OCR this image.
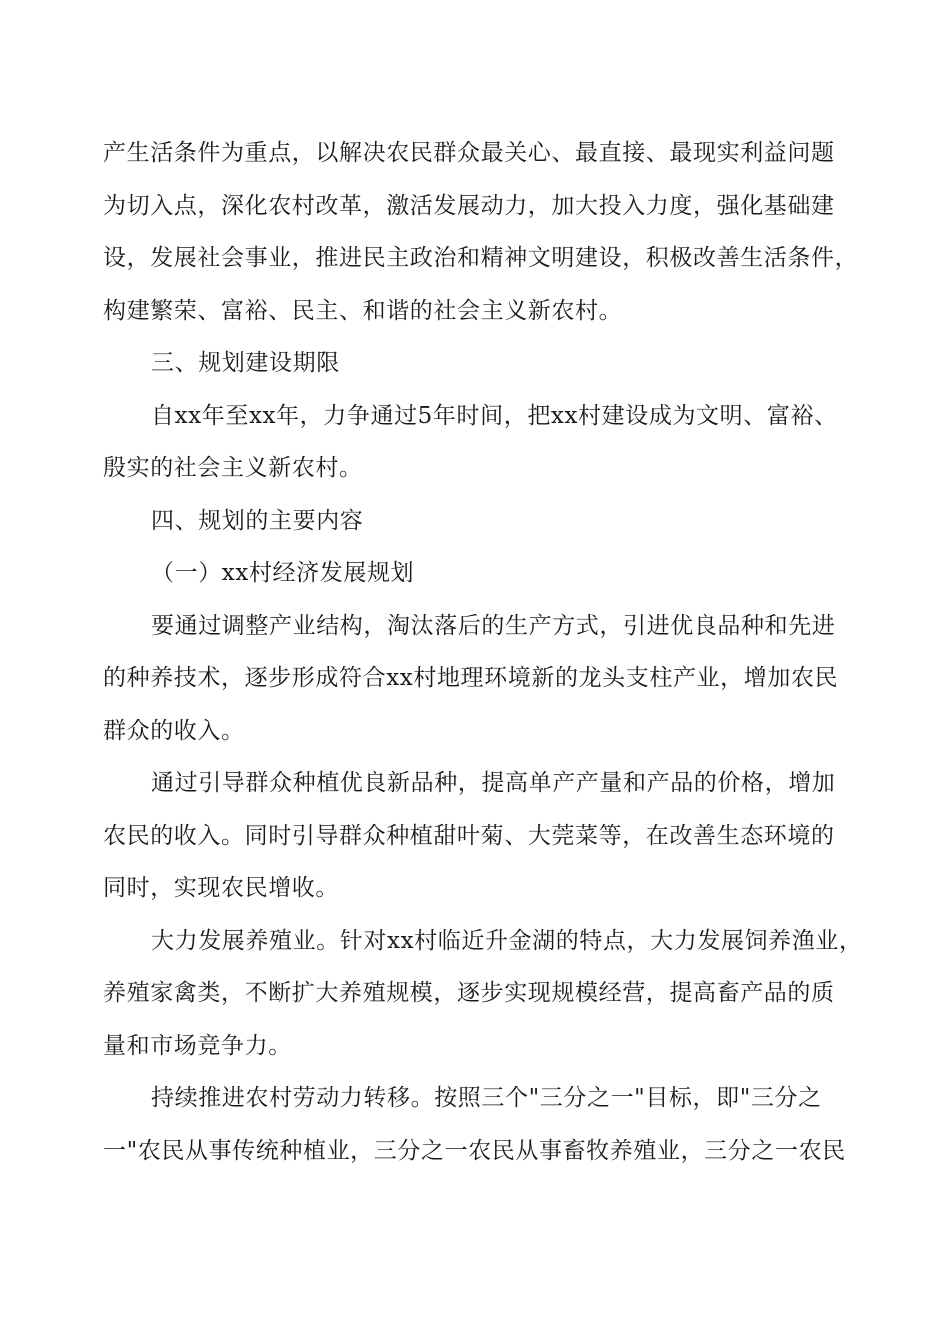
产生活条件为重点，以解决农民群众最关心、最直接、最现实利益问题
为切入点，深化农村改革，激活发展动力，加大投入力度，强化基础建
设，发展社会事业，推进民主政治和精神文明建设，积极改善生活条件，
构建繁荣、富裕、民主、和谐的社会主义新农村。

三、规划建设期限

自xx年至xx年，力争通过5年时间，把xx村建设成为文明、富裕、
殷实的社会主义新农村。

四、规划的主要内容

（一）xx村经济发展规划

要通过调整产业结构，淘汰落后的生产方式，引进优良品种和先进
的种养技术，逐步形成符合xx村地理环境新的龙头支柱产业，增加农民
群众的收入。

通过引导群众种植优良新品种，提高单产产量和产品的价格，增加
农民的收入。同时引导群众种植甜叶菊、大莞菜等，在改善生态环境的
同时，实现农民增收。

大力发展养殖业。针对xx村临近升金湖的特点，大力发展饲养渔业，
养殖家禽类，不断扩大养殖规模，逐步实现规模经营，提高畜产品的质
量和市场竞争力。

持续推进农村劳动力转移。按照三个"三分之一"目标，即"三分之
一"农民从事传统种植业，三分之一农民从事畜牧养殖业，三分之一农民
